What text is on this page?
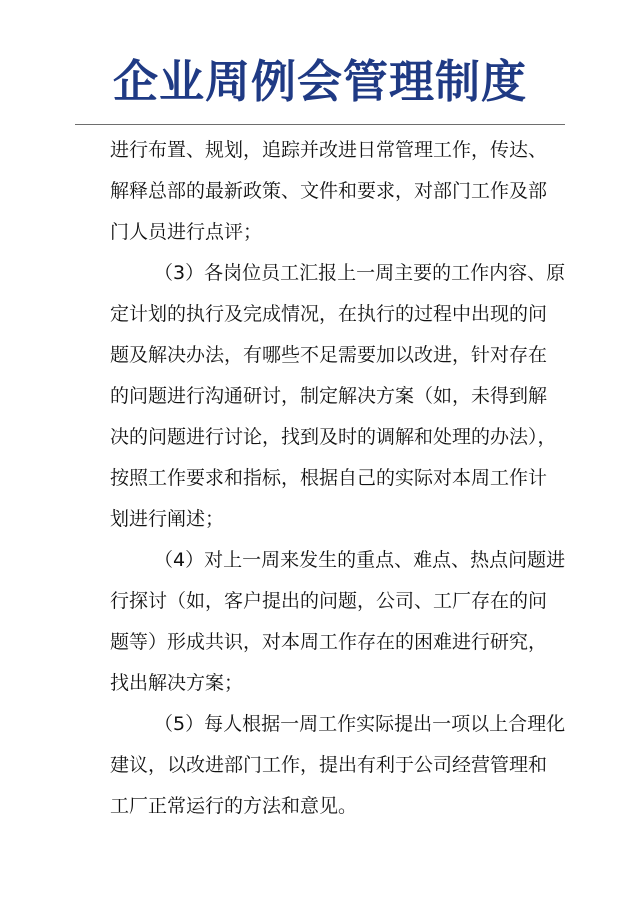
企业周例会管理制度
进行布置、规划，追踪并改进日常管理工作，传达、
解释总部的最新政策、文件和要求，对部门工作及部
门人员进行点评；
（3）各岗位员工汇报上一周主要的工作内容、原
定计划的执行及完成情况，在执行的过程中出现的问
题及解决办法，有哪些不足需要加以改进，针对存在
的问题进行沟通研讨，制定解决方案（如，未得到解
决的问题进行讨论，找到及时的调解和处理的办法），
按照工作要求和指标，根据自己的实际对本周工作计
划进行阐述；
（4）对上一周来发生的重点、难点、热点问题进
行探讨（如，客户提出的问题，公司、工厂存在的问
题等）形成共识，对本周工作存在的困难进行研究，
找出解决方案；
（5）每人根据一周工作实际提出一项以上合理化
建议，以改进部门工作，提出有利于公司经营管理和
工厂正常运行的方法和意见。
